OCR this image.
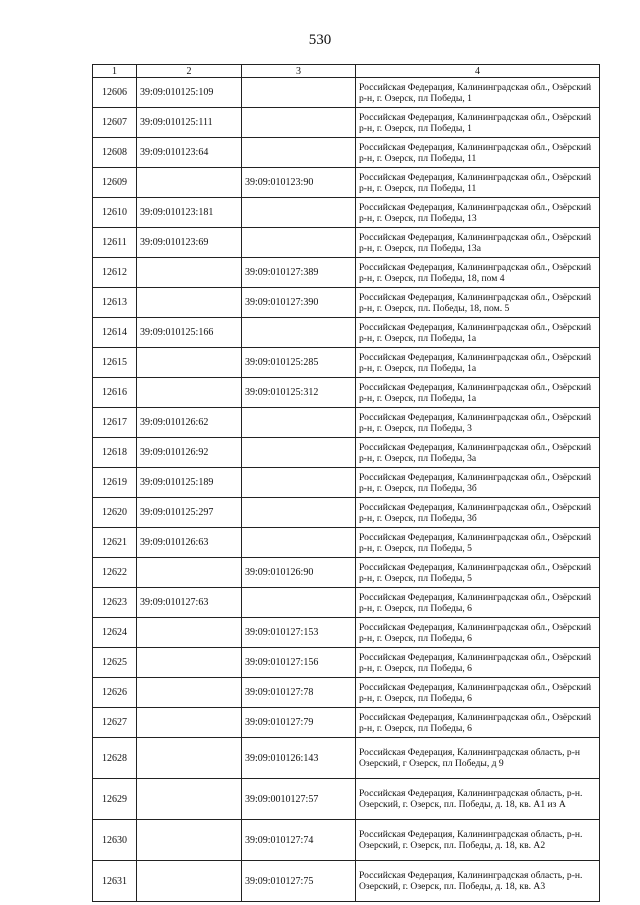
530
1	2	3	4
12606	39:09:010125:109		Российская Федерация, Калининградская обл., Озёрский р-н, г. Озерск, пл Победы, 1
12607	39:09:010125:111		Российская Федерация, Калининградская обл., Озёрский р-н, г. Озерск, пл Победы, 1
12608	39:09:010123:64		Российская Федерация, Калининградская обл., Озёрский р-н, г. Озерск, пл Победы, 11
12609		39:09:010123:90	Российская Федерация, Калининградская обл., Озёрский р-н, г. Озерск, пл Победы, 11
12610	39:09:010123:181		Российская Федерация, Калининградская обл., Озёрский р-н, г. Озерск, пл Победы, 13
12611	39:09:010123:69		Российская Федерация, Калининградская обл., Озёрский р-н, г. Озерск, пл Победы, 13а
12612		39:09:010127:389	Российская Федерация, Калининградская обл., Озёрский р-н, г. Озерск, пл Победы, 18, пом 4
12613		39:09:010127:390	Российская Федерация, Калининградская обл., Озёрский р-н, г. Озерск, пл. Победы, 18, пом. 5
12614	39:09:010125:166		Российская Федерация, Калининградская обл., Озёрский р-н, г. Озерск, пл Победы, 1а
12615		39:09:010125:285	Российская Федерация, Калининградская обл., Озёрский р-н, г. Озерск, пл Победы, 1а
12616		39:09:010125:312	Российская Федерация, Калининградская обл., Озёрский р-н, г. Озерск, пл Победы, 1а
12617	39:09:010126:62		Российская Федерация, Калининградская обл., Озёрский р-н, г. Озерск, пл Победы, 3
12618	39:09:010126:92		Российская Федерация, Калининградская обл., Озёрский р-н, г. Озерск, пл Победы, 3а
12619	39:09:010125:189		Российская Федерация, Калининградская обл., Озёрский р-н, г. Озерск, пл Победы, 3б
12620	39:09:010125:297		Российская Федерация, Калининградская обл., Озёрский р-н, г. Озерск, пл Победы, 3б
12621	39:09:010126:63		Российская Федерация, Калининградская обл., Озёрский р-н, г. Озерск, пл Победы, 5
12622		39:09:010126:90	Российская Федерация, Калининградская обл., Озёрский р-н, г. Озерск, пл Победы, 5
12623	39:09:010127:63		Российская Федерация, Калининградская обл., Озёрский р-н, г. Озерск, пл Победы, 6
12624		39:09:010127:153	Российская Федерация, Калининградская обл., Озёрский р-н, г. Озерск, пл Победы, 6
12625		39:09:010127:156	Российская Федерация, Калининградская обл., Озёрский р-н, г. Озерск, пл Победы, 6
12626		39:09:010127:78	Российская Федерация, Калининградская обл., Озёрский р-н, г. Озерск, пл Победы, 6
12627		39:09:010127:79	Российская Федерация, Калининградская обл., Озёрский р-н, г. Озерск, пл Победы, 6
12628		39:09:010126:143	Российская Федерация, Калининградская область, р-н Озерский, г Озерск, пл Победы, д 9
12629		39:09:0010127:57	Российская Федерация, Калининградская область, р-н. Озерский, г. Озерск, пл. Победы, д. 18, кв. А1 из А
12630		39:09:010127:74	Российская Федерация, Калининградская область, р-н. Озерский, г. Озерск, пл. Победы, д. 18, кв. А2
12631		39:09:010127:75	Российская Федерация, Калининградская область, р-н. Озерский, г. Озерск, пл. Победы, д. 18, кв. А3
